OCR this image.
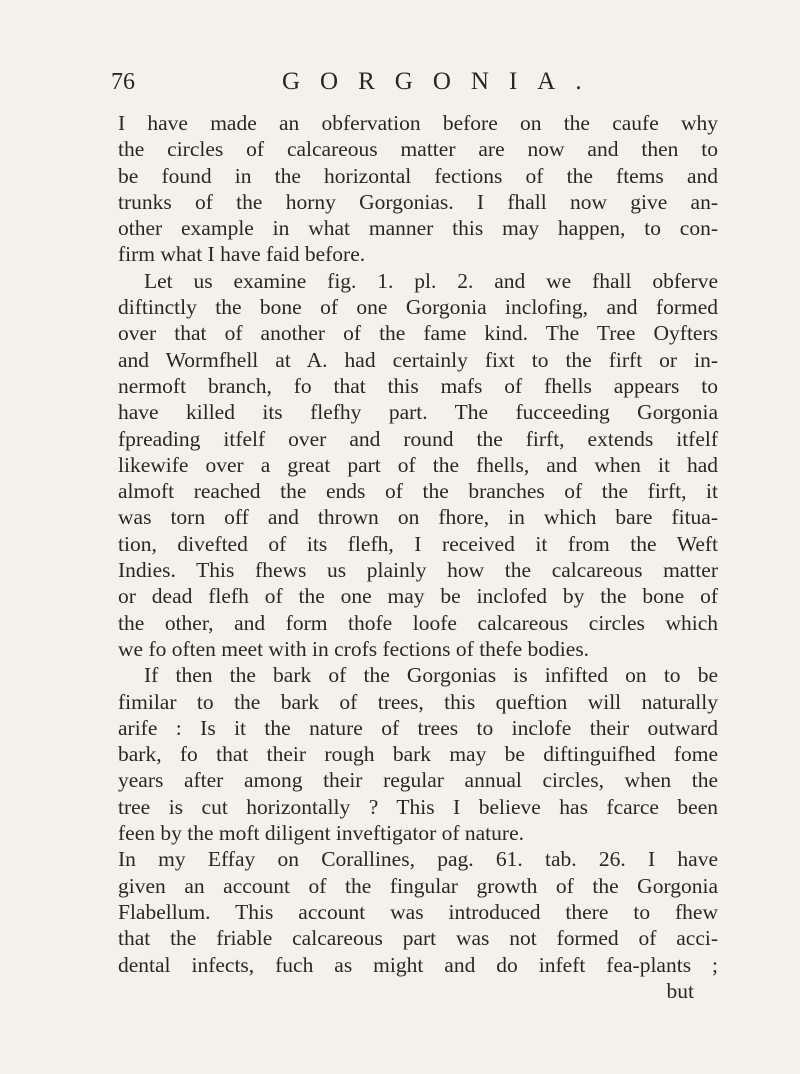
76	GORGONIA.
I have made an obfervation before on the caufe why
the circles of calcareous matter are now and then to
be found in the horizontal fections of the ftems and
trunks of the horny Gorgonias. I fhall now give an-
other example in what manner this may happen, to con-
firm what I have faid before.
Let us examine fig. 1. pl. 2. and we fhall obferve
diftinctly the bone of one Gorgonia inclofing, and formed
over that of another of the fame kind. The Tree Oyfters
and Wormfhell at A. had certainly fixt to the firft or in-
nermoft branch, fo that this mafs of fhells appears to
have killed its flefhy part. The fucceeding Gorgonia
fpreading itfelf over and round the firft, extends itfelf
likewife over a great part of the fhells, and when it had
almoft reached the ends of the branches of the firft, it
was torn off and thrown on fhore, in which bare fitua-
tion, divefted of its flefh, I received it from the Weft
Indies. This fhews us plainly how the calcareous matter
or dead flefh of the one may be inclofed by the bone of
the other, and form thofe loofe calcareous circles which
we fo often meet with in crofs fections of thefe bodies.
If then the bark of the Gorgonias is infifted on to be
fimilar to the bark of trees, this queftion will naturally
arife : Is it the nature of trees to inclofe their outward
bark, fo that their rough bark may be diftinguifhed fome
years after among their regular annual circles, when the
tree is cut horizontally ? This I believe has fcarce been
feen by the moft diligent inveftigator of nature.
In my Effay on Corallines, pag. 61. tab. 26. I have
given an account of the fingular growth of the Gorgonia
Flabellum. This account was introduced there to fhew
that the friable calcareous part was not formed of acci-
dental infects, fuch as might and do infeft fea-plants ;
but
